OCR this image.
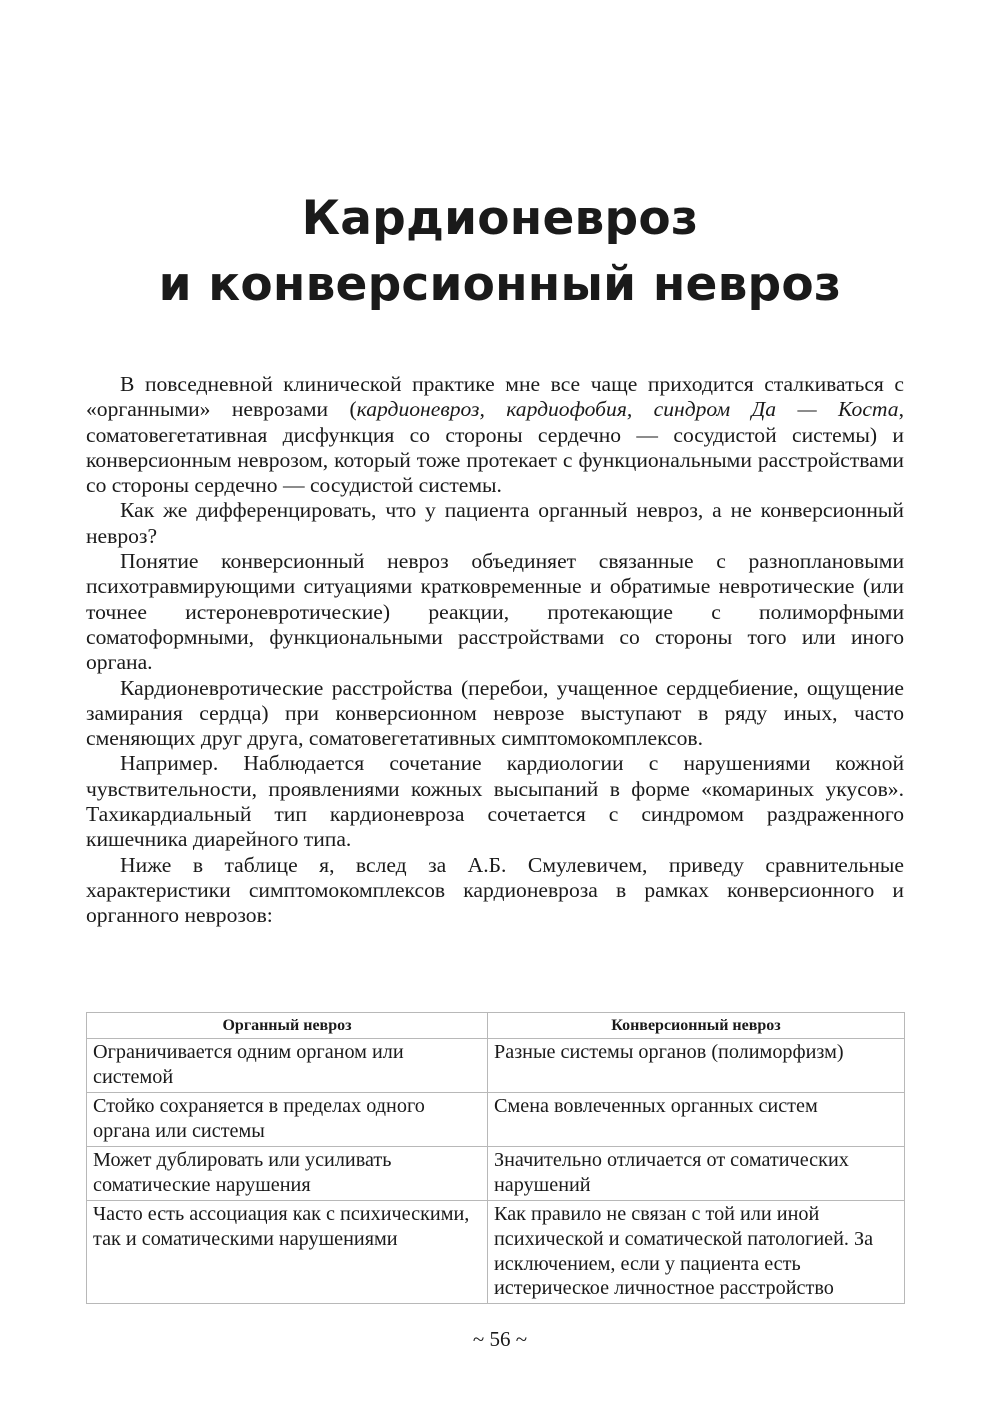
Кардионевроз
и конверсионный невроз

В повседневной клинической практике мне все чаще приходится сталкиваться с «органными» неврозами (кардионевроз, кардиофобия, синдром Да — Коста, соматовегетативная дисфункция со стороны сердечно — сосудистой системы) и конверсионным неврозом, который тоже протекает с функциональными расстройствами со стороны сердечно — сосудистой системы.

Как же дифференцировать, что у пациента органный невроз, а не конверсионный невроз?

Понятие конверсионный невроз объединяет связанные с разноплановыми психотравмирующими ситуациями кратковременные и обратимые невротические (или точнее истероневротические) реакции, протекающие с полиморфными соматоформными, функциональными расстройствами со стороны того или иного органа.

Кардионевротические расстройства (перебои, учащенное сердцебиение, ощущение замирания сердца) при конверсионном неврозе выступают в ряду иных, часто сменяющих друг друга, соматовегетативных симптомокомплексов.

Например. Наблюдается сочетание кардиологии с нарушениями кожной чувствительности, проявлениями кожных высыпаний в форме «комариных укусов». Тахикардиальный тип кардионевроза сочетается с синдромом раздраженного кишечника диарейного типа.

Ниже в таблице я, вслед за А.Б. Смулевичем, приведу сравнительные характеристики симптомокомплексов кардионевроза в рамках конверсионного и органного неврозов:

Органный невроз	Конверсионный невроз
Ограничивается одним органом или системой	Разные системы органов (полиморфизм)
Стойко сохраняется в пределах одного органа или системы	Смена вовлеченных органных систем
Может дублировать или усиливать соматические нарушения	Значительно отличается от соматических нарушений
Часто есть ассоциация как с психическими, так и соматическими нарушениями	Как правило не связан с той или иной психической и соматической патологией. За исключением, если у пациента есть истерическое личностное расстройство
~ 56 ~
